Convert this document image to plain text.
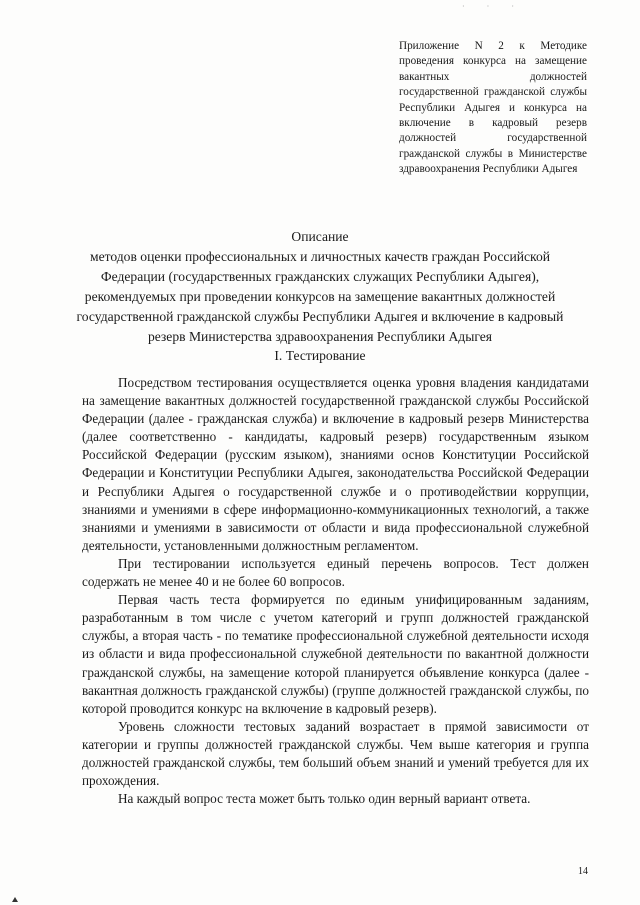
· · ·
Приложение N 2 к Методике проведения конкурса на замещение вакантных должностей государственной гражданской службы Республики Адыгея и конкурса на включение в кадровый резерв должностей государственной гражданской службы в Министерстве здравоохранения Республики Адыгея
Описание
методов оценки профессиональных и личностных качеств граждан Российской Федерации (государственных гражданских служащих Республики Адыгея), рекомендуемых при проведении конкурсов на замещение вакантных должностей государственной гражданской службы Республики Адыгея и включение в кадровый резерв Министерства здравоохранения Республики Адыгея
I. Тестирование

Посредством тестирования осуществляется оценка уровня владения кандидатами на замещение вакантных должностей государственной гражданской службы Российской Федерации (далее - гражданская служба) и включение в кадровый резерв Министерства (далее соответственно - кандидаты, кадровый резерв) государственным языком Российской Федерации (русским языком), знаниями основ Конституции Российской Федерации и Конституции Республики Адыгея, законодательства Российской Федерации и Республики Адыгея о государственной службе и о противодействии коррупции, знаниями и умениями в сфере информационно-коммуникационных технологий, а также знаниями и умениями в зависимости от области и вида профессиональной служебной деятельности, установленными должностным регламентом.

При тестировании используется единый перечень вопросов. Тест должен содержать не менее 40 и не более 60 вопросов.

Первая часть теста формируется по единым унифицированным заданиям, разработанным в том числе с учетом категорий и групп должностей гражданской службы, а вторая часть - по тематике профессиональной служебной деятельности исходя из области и вида профессиональной служебной деятельности по вакантной должности гражданской службы, на замещение которой планируется объявление конкурса (далее - вакантная должность гражданской службы) (группе должностей гражданской службы, по которой проводится конкурс на включение в кадровый резерв).

Уровень сложности тестовых заданий возрастает в прямой зависимости от категории и группы должностей гражданской службы. Чем выше категория и группа должностей гражданской службы, тем больший объем знаний и умений требуется для их прохождения.

На каждый вопрос теста может быть только один верный вариант ответа.

14
